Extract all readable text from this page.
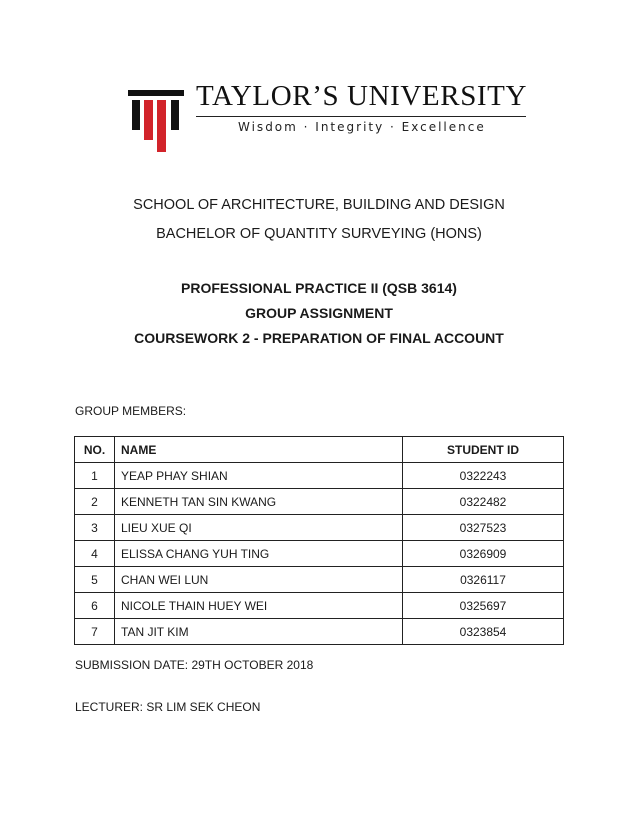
TAYLOR’S UNIVERSITY
Wisdom · Integrity · Excellence

SCHOOL OF ARCHITECTURE, BUILDING AND DESIGN

BACHELOR OF QUANTITY SURVEYING (HONS)

PROFESSIONAL PRACTICE II (QSB 3614)

GROUP ASSIGNMENT

COURSEWORK 2 - PREPARATION OF FINAL ACCOUNT

GROUP MEMBERS:

NO.	NAME	STUDENT ID
1	YEAP PHAY SHIAN	0322243
2	KENNETH TAN SIN KWANG	0322482
3	LIEU XUE QI	0327523
4	ELISSA CHANG YUH TING	0326909
5	CHAN WEI LUN	0326117
6	NICOLE THAIN HUEY WEI	0325697
7	TAN JIT KIM	0323854

SUBMISSION DATE: 29TH OCTOBER 2018

LECTURER: SR LIM SEK CHEON
